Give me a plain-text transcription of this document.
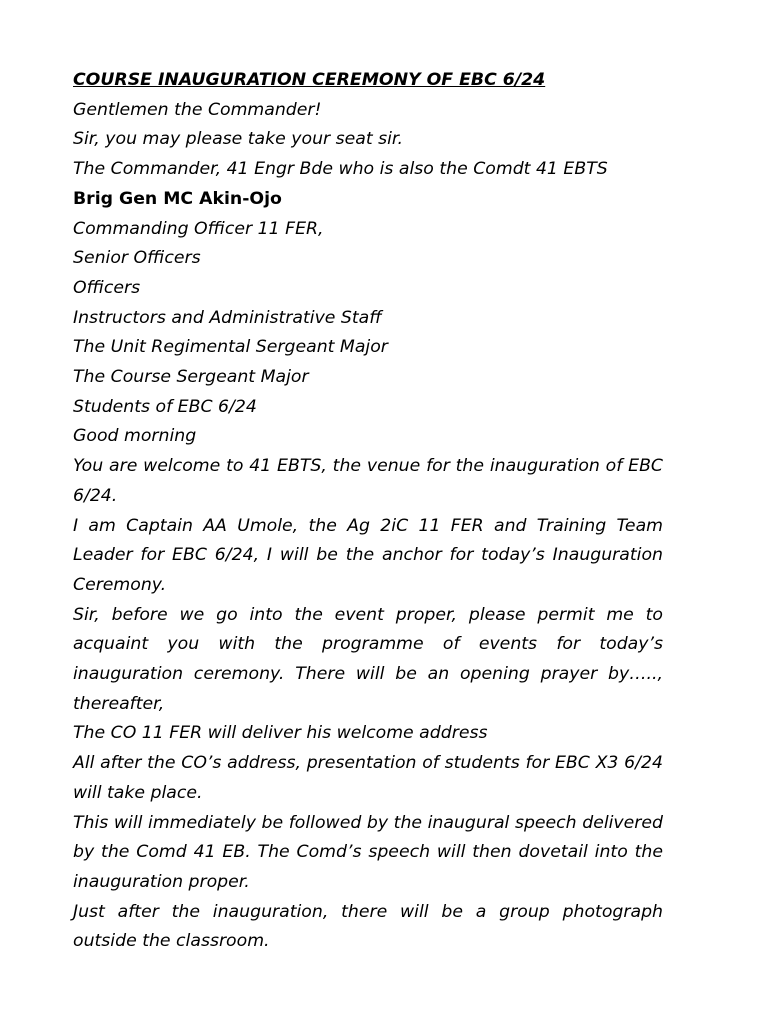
COURSE INAUGURATION CEREMONY OF EBC 6/24

Gentlemen the Commander!

Sir, you may please take your seat sir.

The Commander, 41 Engr Bde who is also the Comdt 41 EBTS

Brig Gen MC Akin-Ojo

Commanding Officer 11 FER,

Senior Officers

Officers

Instructors and Administrative Staff

The Unit Regimental Sergeant Major

The Course Sergeant Major

Students of EBC 6/24

Good morning

You are welcome to 41 EBTS, the venue for the inauguration of EBC 6/24.

I am Captain AA Umole, the Ag 2iC 11 FER and Training Team Leader for EBC 6/24, I will be the anchor for today’s Inauguration Ceremony.

Sir, before we go into the event proper, please permit me to acquaint you with the programme of events for today’s inauguration ceremony. There will be an opening prayer by….., thereafter,

The CO 11 FER will deliver his welcome address

All after the CO’s address, presentation of students for EBC X3 6/24 will take place.

This will immediately be followed by the inaugural speech delivered by the Comd 41 EB. The Comd’s speech will then dovetail into the inauguration proper.

Just after the inauguration, there will be a group photograph outside the classroom.
